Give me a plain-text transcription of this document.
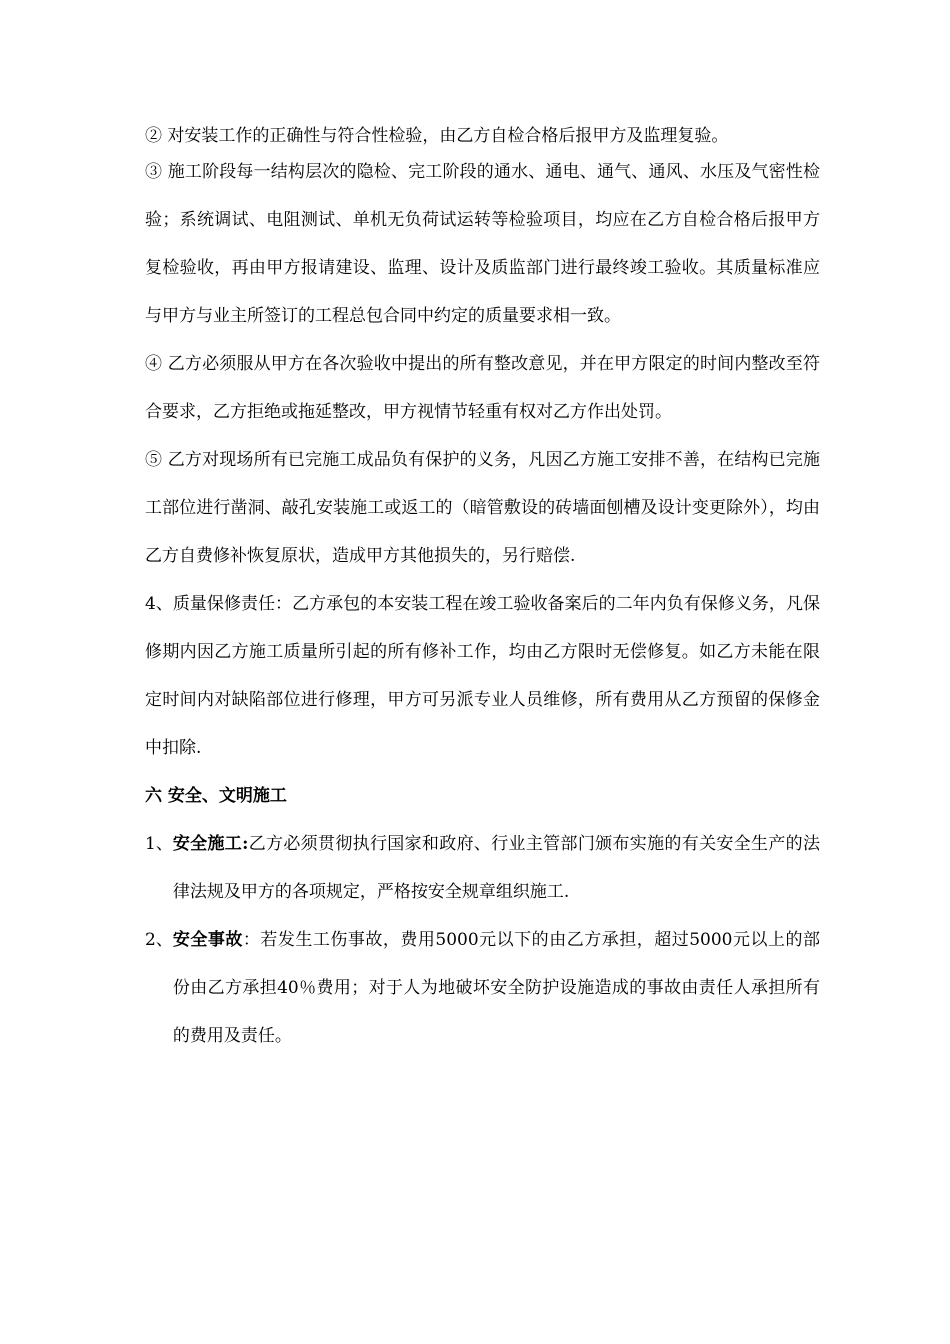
② 对安装工作的正确性与符合性检验，由乙方自检合格后报甲方及监理复验。

③ 施工阶段每一结构层次的隐检、完工阶段的通水、通电、通气、通风、水压及气密性检验；系统调试、电阻测试、单机无负荷试运转等检验项目，均应在乙方自检合格后报甲方复检验收，再由甲方报请建设、监理、设计及质监部门进行最终竣工验收。其质量标准应与甲方与业主所签订的工程总包合同中约定的质量要求相一致。

④ 乙方必须服从甲方在各次验收中提出的所有整改意见，并在甲方限定的时间内整改至符合要求，乙方拒绝或拖延整改，甲方视情节轻重有权对乙方作出处罚。

⑤ 乙方对现场所有已完施工成品负有保护的义务，凡因乙方施工安排不善，在结构已完施工部位进行凿洞、敲孔安装施工或返工的（暗管敷设的砖墙面刨槽及设计变更除外），均由乙方自费修补恢复原状，造成甲方其他损失的，另行赔偿.

4、质量保修责任：乙方承包的本安装工程在竣工验收备案后的二年内负有保修义务，凡保修期内因乙方施工质量所引起的所有修补工作，均由乙方限时无偿修复。如乙方未能在限定时间内对缺陷部位进行修理，甲方可另派专业人员维修，所有费用从乙方预留的保修金中扣除.

六 安全、文明施工

1、 安全施工:乙方必须贯彻执行国家和政府、行业主管部门颁布实施的有关安全生产的法律法规及甲方的各项规定，严格按安全规章组织施工.
2、 安全事故：若发生工伤事故，费用5000元以下的由乙方承担，超过5000元以上的部份由乙方承担40％费用；对于人为地破坏安全防护设施造成的事故由责任人承担所有的费用及责任。
